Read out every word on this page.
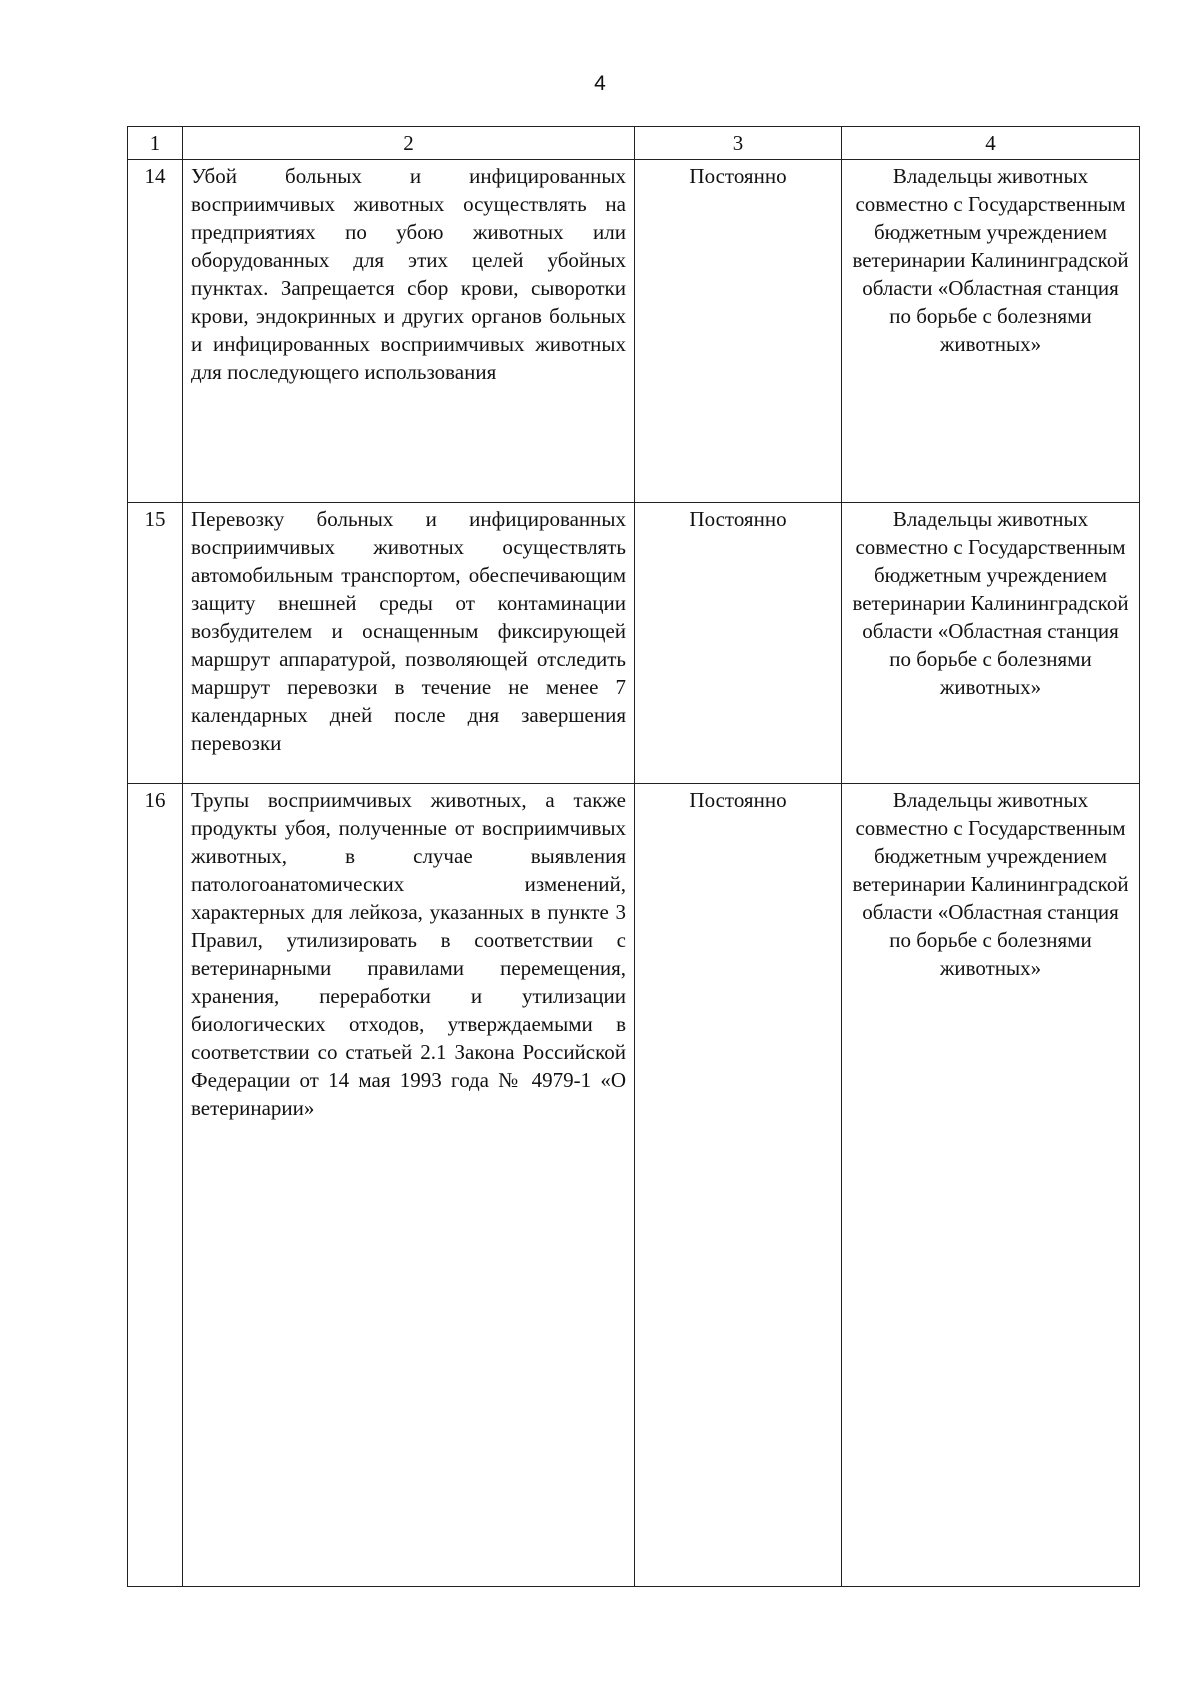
4
1	2	3	4
14	Убой больных и инфицированных восприимчивых животных осуществлять на предприятиях по убою животных или оборудованных для этих целей убойных пунктах. Запрещается сбор крови, сыворотки крови, эндокринных и других органов больных и инфицированных восприимчивых животных для последующего использования	Постоянно	Владельцы животных совместно с Государственным бюджетным учреждением ветеринарии Калининградской области «Областная станция по борьбе с болезнями животных»
15	Перевозку больных и инфицированных восприимчивых животных осуществлять автомобильным транспортом, обеспечивающим защиту внешней среды от контаминации возбудителем и оснащенным фиксирующей маршрут аппаратурой, позволяющей отследить маршрут перевозки в течение не менее 7 календарных дней после дня завершения перевозки	Постоянно	Владельцы животных совместно с Государственным бюджетным учреждением ветеринарии Калининградской области «Областная станция по борьбе с болезнями животных»
16	Трупы восприимчивых животных, а также продукты убоя, полученные от восприимчивых животных, в случае выявления патологоанатомических изменений, характерных для лейкоза, указанных в пункте 3 Правил, утилизировать в соответствии с ветеринарными правилами перемещения, хранения, переработки и утилизации биологических отходов, утверждаемыми в соответствии со статьей 2.1 Закона Российской Федерации от 14 мая 1993 года № 4979-1 «О ветеринарии»	Постоянно	Владельцы животных совместно с Государственным бюджетным учреждением ветеринарии Калининградской области «Областная станция по борьбе с болезнями животных»
